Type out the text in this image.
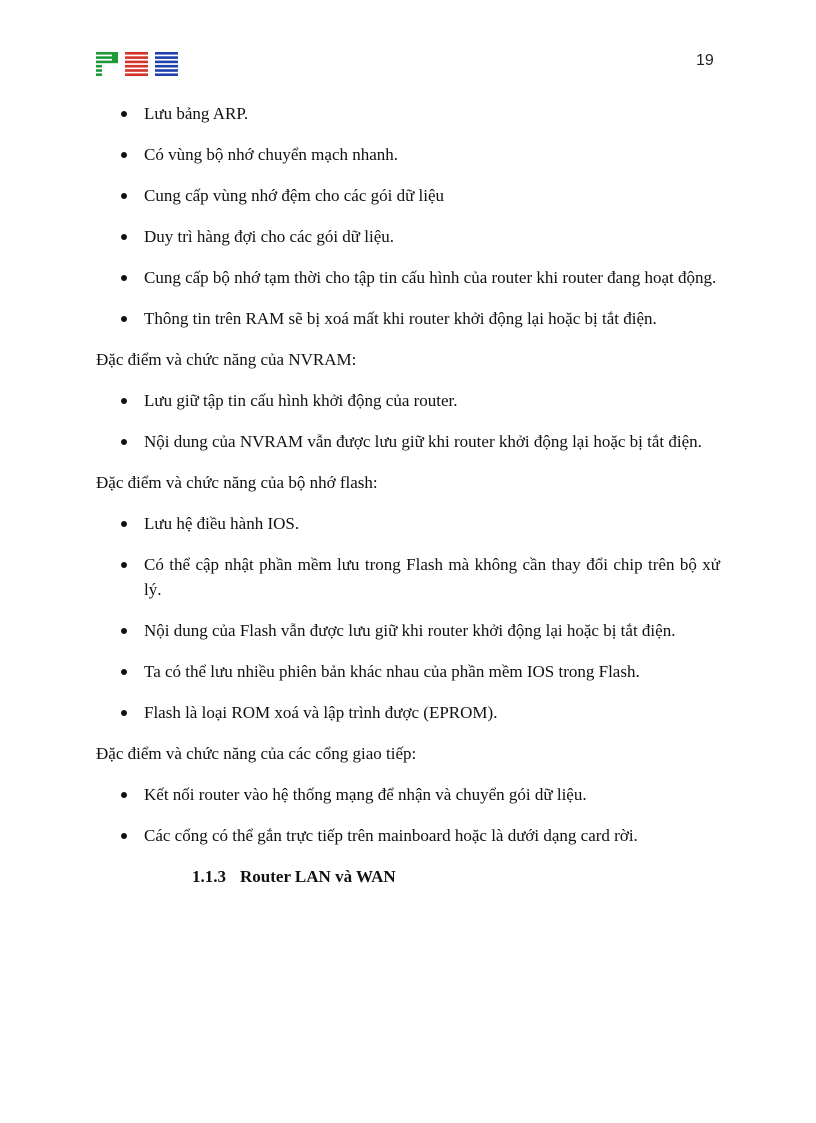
19
Lưu bảng ARP.
Có vùng bộ nhớ chuyển mạch nhanh.
Cung cấp vùng nhớ đệm cho các gói dữ liệu
Duy trì hàng đợi cho các gói dữ liệu.
Cung cấp bộ nhớ tạm thời cho tập tin cấu hình của router khi router đang hoạt động.
Thông tin trên RAM sẽ bị xoá mất khi router khởi động lại hoặc bị tắt điện.

Đặc điểm và chức năng của NVRAM:

Lưu giữ tập tin cấu hình khởi động của router.
Nội dung của NVRAM vẫn được lưu giữ khi router khởi động lại hoặc bị tắt điện.

Đặc điểm và chức năng của bộ nhớ flash:

Lưu hệ điều hành IOS.
Có thể cập nhật phần mềm lưu trong Flash mà không cần thay đổi chip trên bộ xử lý.
Nội dung của Flash vẫn được lưu giữ khi router khởi động lại hoặc bị tắt điện.
Ta có thể lưu nhiều phiên bản khác nhau của phần mềm IOS trong Flash.
Flash là loại ROM xoá và lập trình được (EPROM).

Đặc điểm và chức năng của các cổng giao tiếp:

Kết nối router vào hệ thống mạng để nhận và chuyển gói dữ liệu.
Các cổng có thể gắn trực tiếp trên mainboard hoặc là dưới dạng card rời.
1.1.3 Router LAN và WAN
